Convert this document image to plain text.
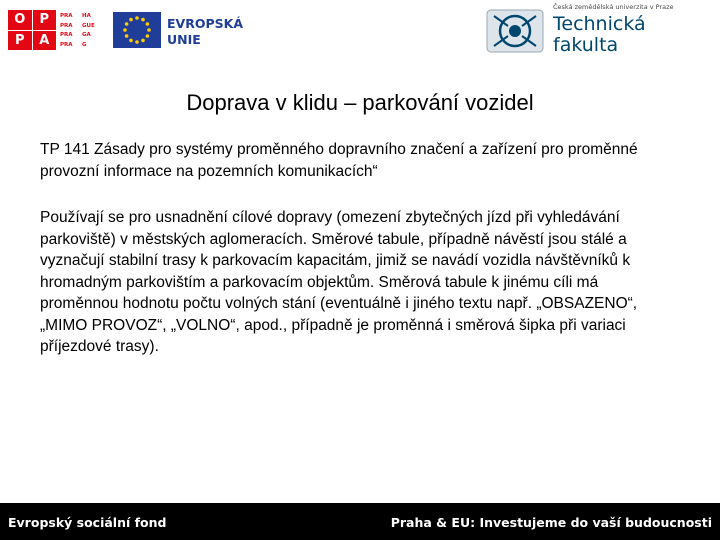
O	P
P	A
PRA	HA
PRA	GUE
PRA	GA
PRA	G
EVROPSKÁ
UNIE
Česká zemědělská univerzita v Praze
Technická
fakulta
Doprava v klidu – parkování vozidel

TP 141 Zásady pro systémy proměnného dopravního značení a zařízení pro proměnné provozní informace na pozemních komunikacích“

Používají se pro usnadnění cílové dopravy (omezení zbytečných jízd při vyhledávání parkoviště) v městských aglomeracích. Směrové tabule, případně návěstí jsou stálé a vyznačují stabilní trasy k parkovacím kapacitám, jimiž se navádí vozidla návštěvníků k hromadným parkovištím a parkovacím objektům. Směrová tabule k jinému cíli má proměnnou hodnotu počtu volných stání (eventuálně i jiného textu např. „OBSAZENO“, „MIMO PROVOZ“, „VOLNO“, apod., případně je proměnná i směrová šipka při variaci příjezdové trasy).

Evropský sociální fond	Praha & EU: Investujeme do vaší budoucnosti
